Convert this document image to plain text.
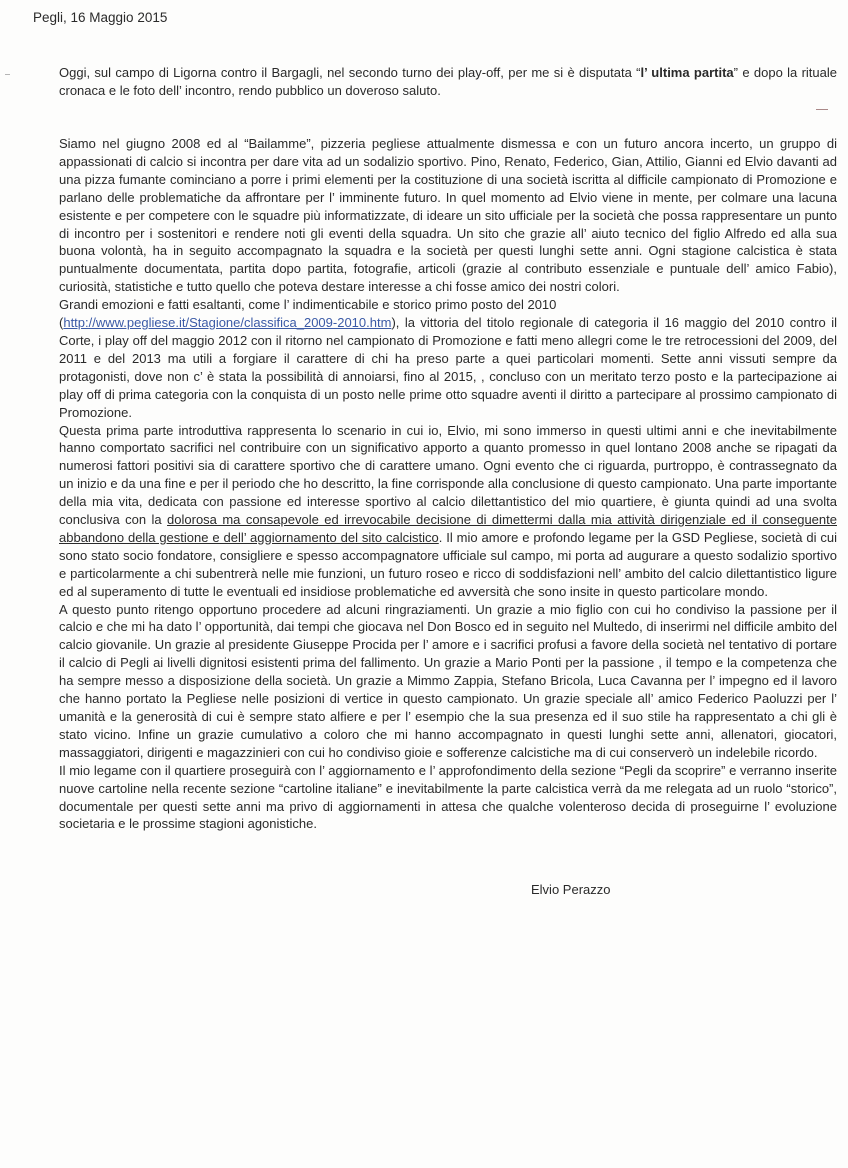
Pegli, 16 Maggio 2015

Oggi, sul campo di Ligorna contro il Bargagli, nel secondo turno dei play-off, per me si è disputata “l’ ultima partita” e dopo la rituale cronaca e le foto dell’ incontro, rendo pubblico un doveroso saluto.

Siamo nel giugno 2008 ed al “Bailamme”, pizzeria pegliese attualmente dismessa e con un futuro ancora incerto, un gruppo di appassionati di calcio si incontra per dare vita ad un sodalizio sportivo. Pino, Renato, Federico, Gian, Attilio, Gianni ed Elvio davanti ad una pizza fumante cominciano a porre i primi elementi per la costituzione di una società iscritta al difficile campionato di Promozione e parlano delle problematiche da affrontare per l’ imminente futuro. In quel momento ad Elvio viene in mente, per colmare una lacuna esistente e per competere con le squadre più informatizzate, di ideare un sito ufficiale per la società che possa rappresentare un punto di incontro per i sostenitori e rendere noti gli eventi della squadra. Un sito che grazie all’ aiuto tecnico del figlio Alfredo ed alla sua buona volontà, ha in seguito accompagnato la squadra e la società per questi lunghi sette anni. Ogni stagione calcistica è stata puntualmente documentata, partita dopo partita, fotografie, articoli (grazie al contributo essenziale e puntuale dell’ amico Fabio), curiosità, statistiche e tutto quello che poteva destare interesse a chi fosse amico dei nostri colori.

Grandi emozioni e fatti esaltanti, come l’ indimenticabile e storico primo posto del 2010
(http://www.pegliese.it/Stagione/classifica_2009-2010.htm), la vittoria del titolo regionale di categoria il 16 maggio del 2010 contro il Corte, i play off del maggio 2012 con il ritorno nel campionato di Promozione e fatti meno allegri come le tre retrocessioni del 2009, del 2011 e del 2013 ma utili a forgiare il carattere di chi ha preso parte a quei particolari momenti. Sette anni vissuti sempre da protagonisti, dove non c’ è stata la possibilità di annoiarsi, fino al 2015, , concluso con un meritato terzo posto e la partecipazione ai play off di prima categoria con la conquista di un posto nelle prime otto squadre aventi il diritto a partecipare al prossimo campionato di Promozione.

Questa prima parte introduttiva rappresenta lo scenario in cui io, Elvio, mi sono immerso in questi ultimi anni e che inevitabilmente hanno comportato sacrifici nel contribuire con un significativo apporto a quanto promesso in quel lontano 2008 anche se ripagati da numerosi fattori positivi sia di carattere sportivo che di carattere umano. Ogni evento che ci riguarda, purtroppo, è contrassegnato da un inizio e da una fine e per il periodo che ho descritto, la fine corrisponde alla conclusione di questo campionato. Una parte importante della mia vita, dedicata con passione ed interesse sportivo al calcio dilettantistico del mio quartiere, è giunta quindi ad una svolta conclusiva con la dolorosa ma consapevole ed irrevocabile decisione di dimettermi dalla mia attività dirigenziale ed il conseguente abbandono della gestione e dell’ aggiornamento del sito calcistico. Il mio amore e profondo legame per la GSD Pegliese, società di cui sono stato socio fondatore, consigliere e spesso accompagnatore ufficiale sul campo, mi porta ad augurare a questo sodalizio sportivo e particolarmente a chi subentrerà nelle mie funzioni, un futuro roseo e ricco di soddisfazioni nell’ ambito del calcio dilettantistico ligure ed al superamento di tutte le eventuali ed insidiose problematiche ed avversità che sono insite in questo particolare mondo.

A questo punto ritengo opportuno procedere ad alcuni ringraziamenti. Un grazie a mio figlio con cui ho condiviso la passione per il calcio e che mi ha dato l’ opportunità, dai tempi che giocava nel Don Bosco ed in seguito nel Multedo, di inserirmi nel difficile ambito del calcio giovanile. Un grazie al presidente Giuseppe Procida per l’ amore e i sacrifici profusi a favore della società nel tentativo di portare il calcio di Pegli ai livelli dignitosi esistenti prima del fallimento. Un grazie a Mario Ponti per la passione , il tempo e la competenza che ha sempre messo a disposizione della società. Un grazie a Mimmo Zappia, Stefano Bricola, Luca Cavanna per l’ impegno ed il lavoro che hanno portato la Pegliese nelle posizioni di vertice in questo campionato. Un grazie speciale all’ amico Federico Paoluzzi per l’ umanità e la generosità di cui è sempre stato alfiere e per l’ esempio che la sua presenza ed il suo stile ha rappresentato a chi gli è stato vicino. Infine un grazie cumulativo a coloro che mi hanno accompagnato in questi lunghi sette anni, allenatori, giocatori, massaggiatori, dirigenti e magazzinieri con cui ho condiviso gioie e sofferenze calcistiche ma di cui conserverò un indelebile ricordo.

Il mio legame con il quartiere proseguirà con l’ aggiornamento e l’ approfondimento della sezione “Pegli da scoprire” e verranno inserite nuove cartoline nella recente sezione “cartoline italiane” e inevitabilmente la parte calcistica verrà da me relegata ad un ruolo “storico”, documentale per questi sette anni ma privo di aggiornamenti in attesa che qualche volenteroso decida di proseguirne l’ evoluzione societaria e le prossime stagioni agonistiche.

Elvio Perazzo
